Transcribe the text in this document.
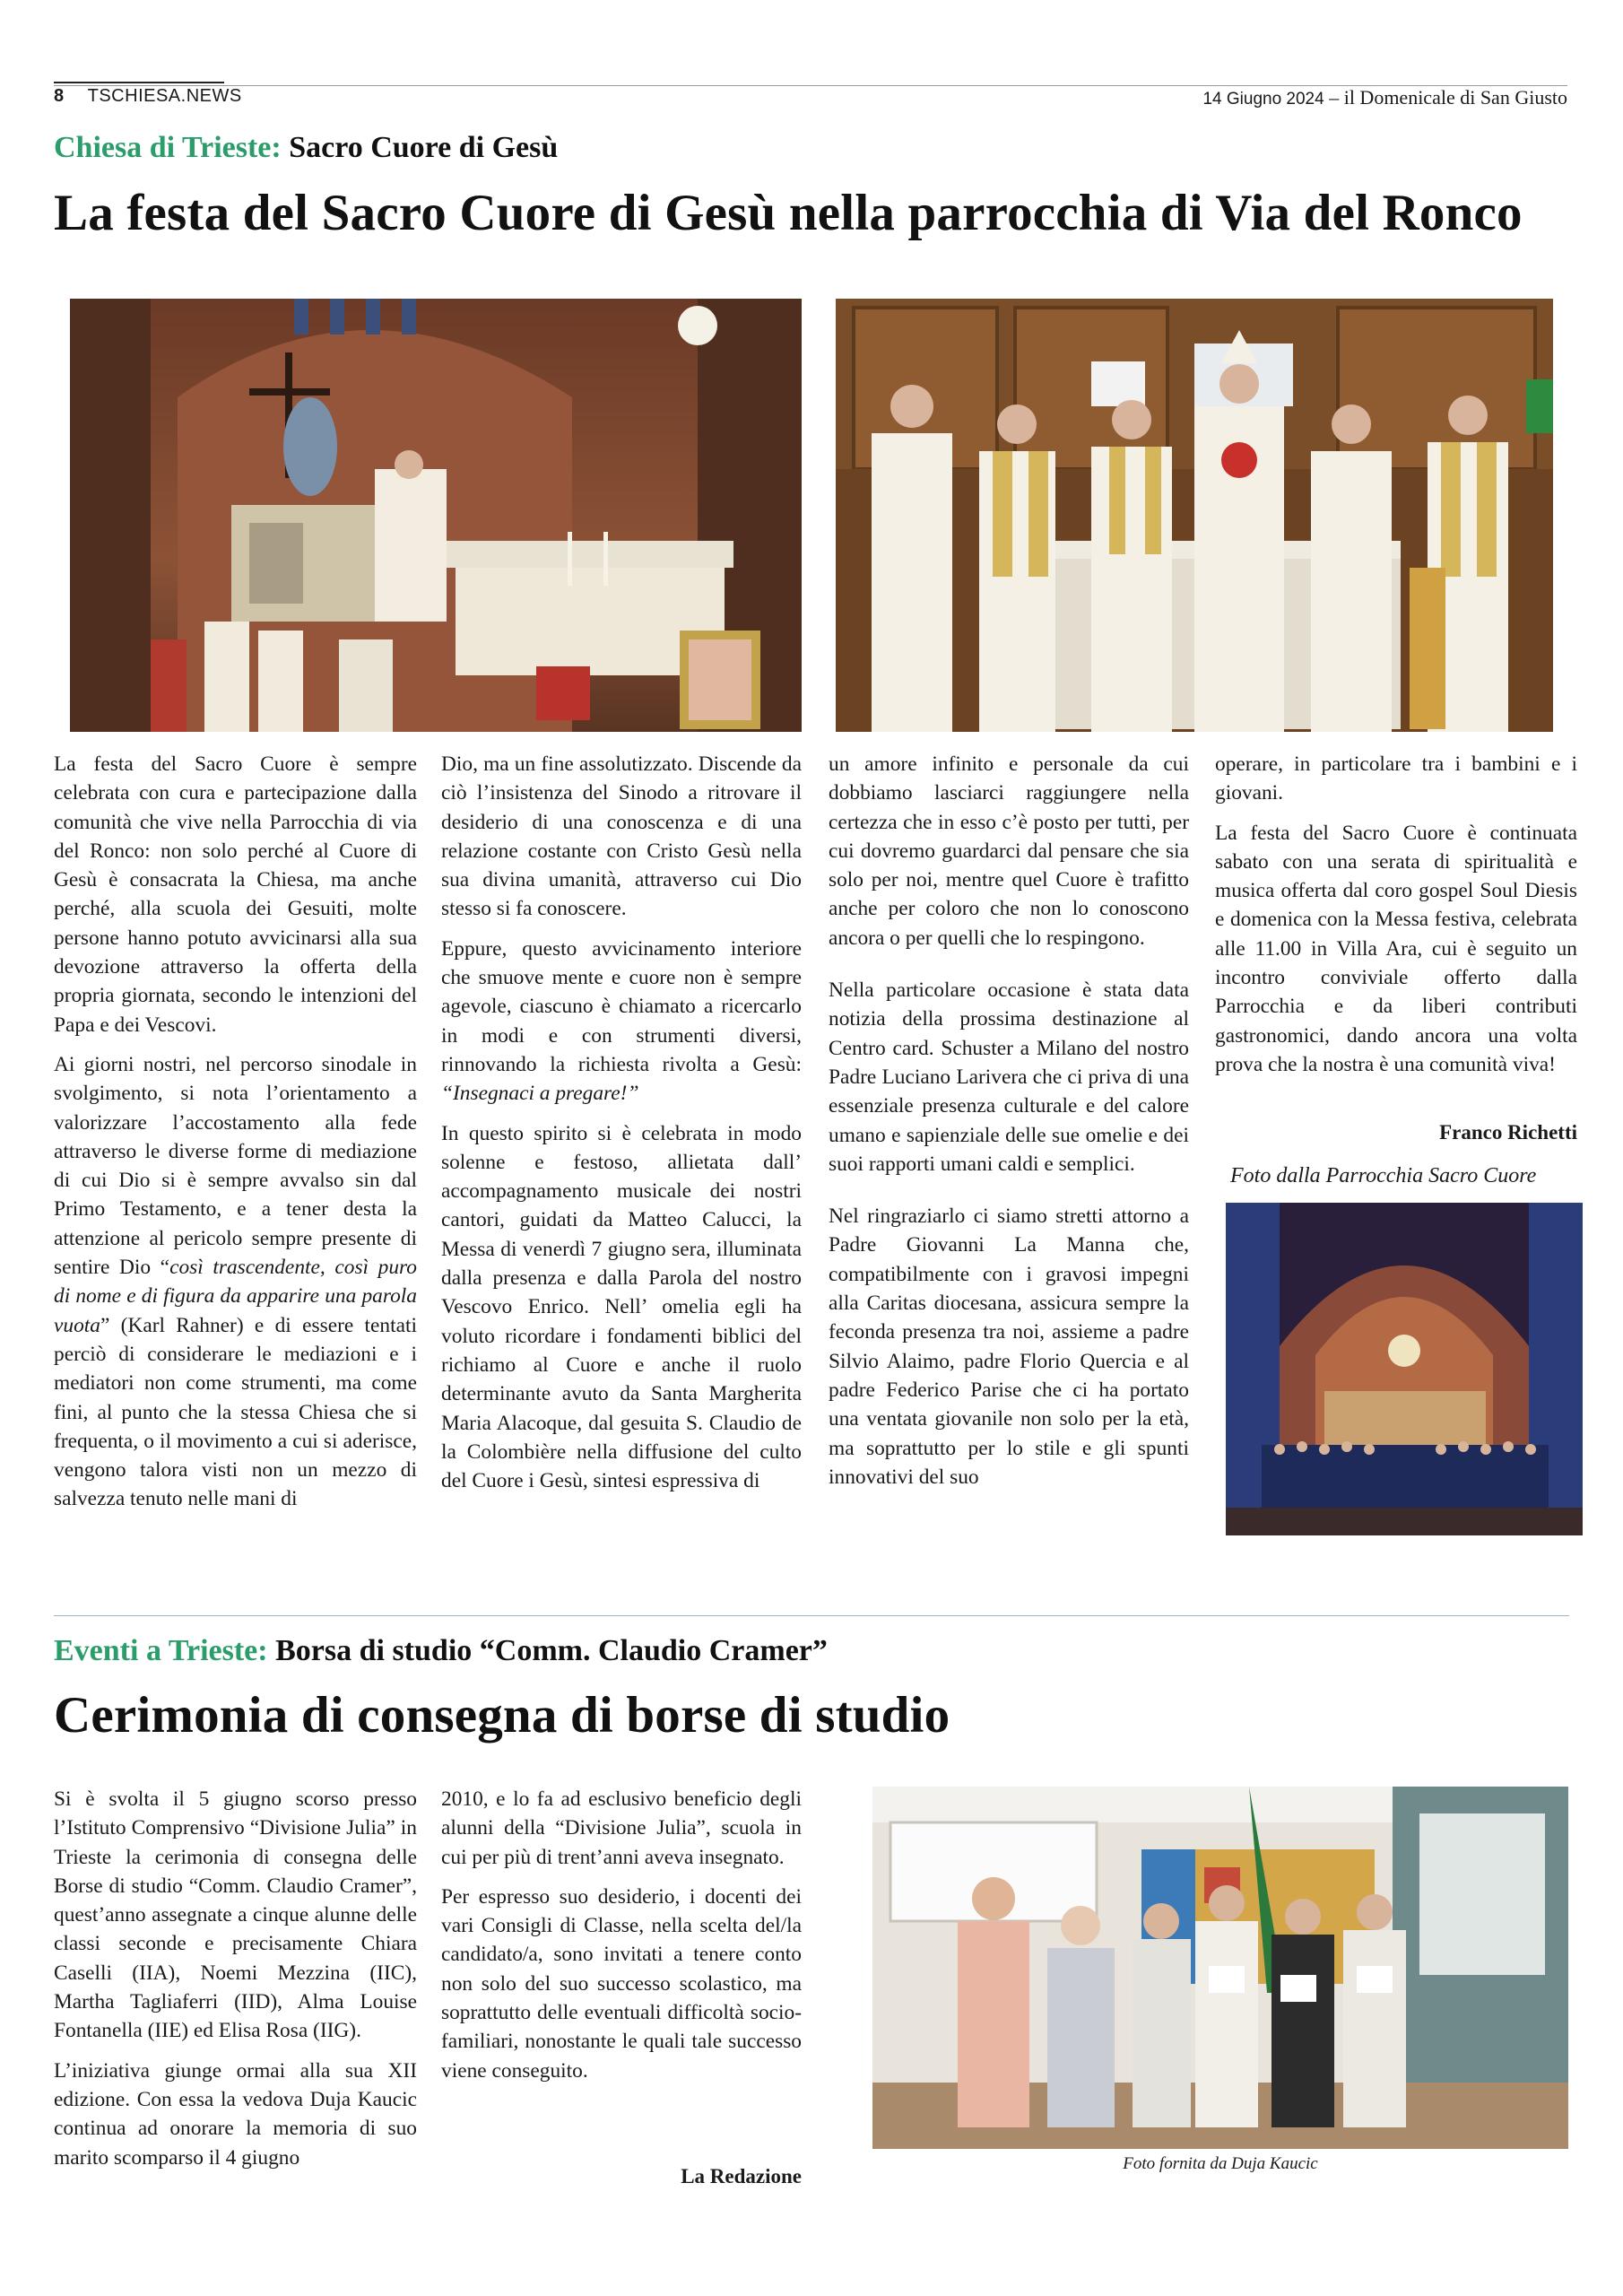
8 TSCHIESA.NEWS	14 Giugno 2024 – il Domenicale di San Giusto
Chiesa di Trieste: Sacro Cuore di Gesù
La festa del Sacro Cuore di Gesù nella parrocchia di Via del Ronco

La festa del Sacro Cuore è sempre celebrata con cura e partecipazione dalla comunità che vive nella Parrocchia di via del Ronco: non solo perché al Cuore di Gesù è consacrata la Chiesa, ma anche perché, alla scuola dei Gesuiti, molte persone hanno potuto avvicinarsi alla sua devozione attraverso la offerta della propria giornata, secondo le intenzioni del Papa e dei Vescovi.

Ai giorni nostri, nel percorso sinodale in svolgimento, si nota l’orientamento a valorizzare l’accostamento alla fede attraverso le diverse forme di mediazione di cui Dio si è sempre avvalso sin dal Primo Testamento, e a tener desta la attenzione al pericolo sempre presente di sentire Dio “così trascendente, così puro di nome e di figura da apparire una parola vuota” (Karl Rahner) e di essere tentati perciò di considerare le mediazioni e i mediatori non come strumenti, ma come fini, al punto che la stessa Chiesa che si frequenta, o il movimento a cui si aderisce, vengono talora visti non un mezzo di salvezza tenuto nelle mani di

Dio, ma un fine assolutizzato. Discende da ciò l’insistenza del Sinodo a ritrovare il desiderio di una conoscenza e di una relazione costante con Cristo Gesù nella sua divina umanità, attraverso cui Dio stesso si fa conoscere.

Eppure, questo avvicinamento interiore che smuove mente e cuore non è sempre agevole, ciascuno è chiamato a ricercarlo in modi e con strumenti diversi, rinnovando la richiesta rivolta a Gesù: “Insegnaci a pregare!”

In questo spirito si è celebrata in modo solenne e festoso, allietata dall’ accompagnamento musicale dei nostri cantori, guidati da Matteo Calucci, la Messa di venerdì 7 giugno sera, illuminata dalla presenza e dalla Parola del nostro Vescovo Enrico. Nell’ omelia egli ha voluto ricordare i fondamenti biblici del richiamo al Cuore e anche il ruolo determinante avuto da Santa Margherita Maria Alacoque, dal gesuita S. Claudio de la Colombière nella diffusione del culto del Cuore i Gesù, sintesi espressiva di

un amore infinito e personale da cui dobbiamo lasciarci raggiungere nella certezza che in esso c’è posto per tutti, per cui dovremo guardarci dal pensare che sia solo per noi, mentre quel Cuore è trafitto anche per coloro che non lo conoscono ancora o per quelli che lo respingono.

Nella particolare occasione è stata data notizia della prossima destinazione al Centro card. Schuster a Milano del nostro Padre Luciano Larivera che ci priva di una essenziale presenza culturale e del calore umano e sapienziale delle sue omelie e dei suoi rapporti umani caldi e semplici.

Nel ringraziarlo ci siamo stretti attorno a Padre Giovanni La Manna che, compatibilmente con i gravosi impegni alla Caritas diocesana, assicura sempre la feconda presenza tra noi, assieme a padre Silvio Alaimo, padre Florio Quercia e al padre Federico Parise che ci ha portato una ventata giovanile non solo per la età, ma soprattutto per lo stile e gli spunti innovativi del suo

operare, in particolare tra i bambini e i giovani.

La festa del Sacro Cuore è continuata sabato con una serata di spiritualità e musica offerta dal coro gospel Soul Diesis e domenica con la Messa festiva, celebrata alle 11.00 in Villa Ara, cui è seguito un incontro conviviale offerto dalla Parrocchia e da liberi contributi gastronomici, dando ancora una volta prova che la nostra è una comunità viva!

Franco Richetti
Foto dalla Parrocchia Sacro Cuore
Eventi a Trieste: Borsa di studio “Comm. Claudio Cramer”
Cerimonia di consegna di borse di studio

Si è svolta il 5 giugno scorso presso l’Istituto Comprensivo “Divisione Julia” in Trieste la cerimonia di consegna delle Borse di studio “Comm. Claudio Cramer”, quest’anno assegnate a cinque alunne delle classi seconde e precisamente Chiara Caselli (IIA), Noemi Mezzina (IIC), Martha Tagliaferri (IID), Alma Louise Fontanella (IIE) ed Elisa Rosa (IIG).

L’iniziativa giunge ormai alla sua XII edizione. Con essa la vedova Duja Kaucic continua ad onorare la memoria di suo marito scomparso il 4 giugno

2010, e lo fa ad esclusivo beneficio degli alunni della “Divisione Julia”, scuola in cui per più di trent’anni aveva insegnato.

Per espresso suo desiderio, i docenti dei vari Consigli di Classe, nella scelta del/la candidato/a, sono invitati a tenere conto non solo del suo successo scolastico, ma soprattutto delle eventuali difficoltà socio-familiari, nonostante le quali tale successo viene conseguito.

La Redazione
Foto fornita da Duja Kaucic
